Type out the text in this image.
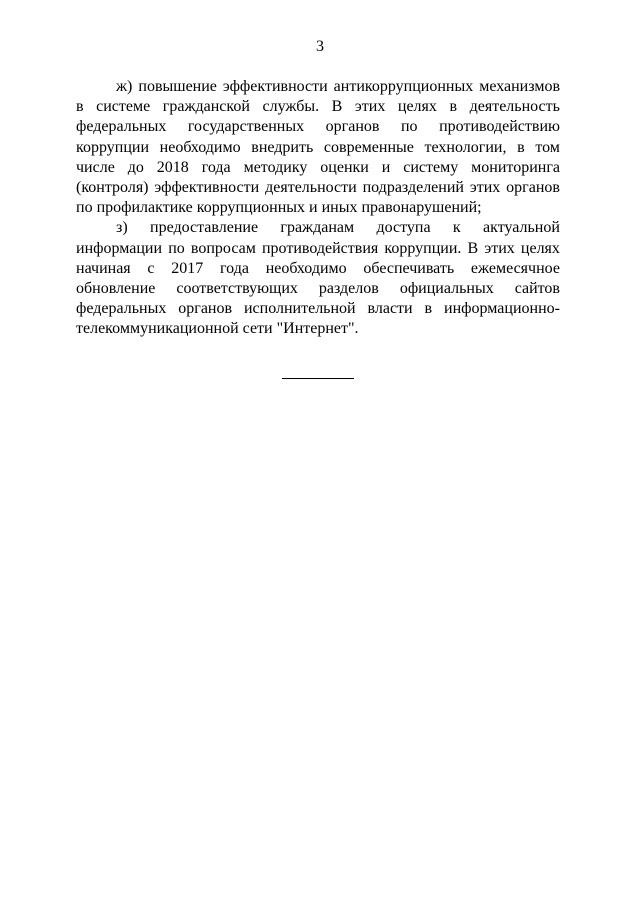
3
ж) повышение эффективности антикоррупционных механизмов
в системе гражданской службы. В этих целях в деятельность
федеральных государственных органов по противодействию
коррупции необходимо внедрить современные технологии, в том
числе до 2018 года методику оценки и систему мониторинга
(контроля) эффективности деятельности подразделений этих органов
по профилактике коррупционных и иных правонарушений;
з) предоставление гражданам доступа к актуальной
информации по вопросам противодействия коррупции. В этих целях
начиная с 2017 года необходимо обеспечивать ежемесячное
обновление соответствующих разделов официальных сайтов
федеральных органов исполнительной власти в информационно-
телекоммуникационной сети "Интернет".
